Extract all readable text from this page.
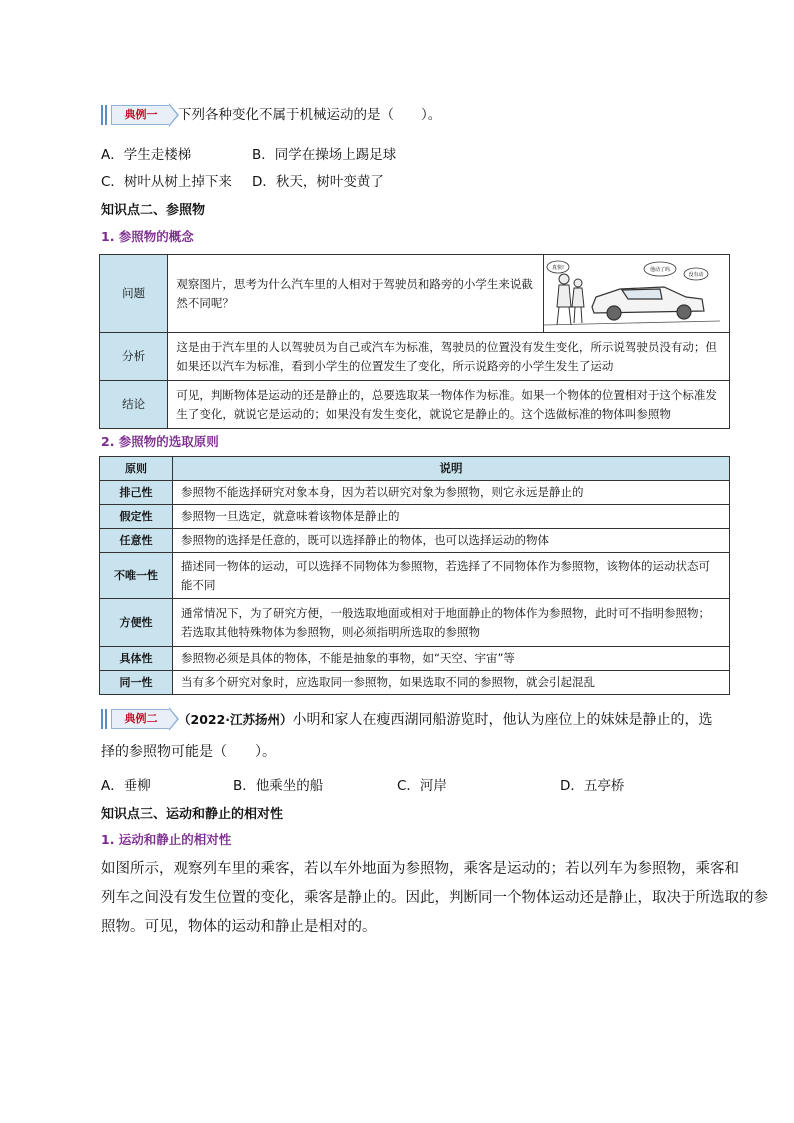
典例一	下列各种变化不属于机械运动的是（　　）。
A．学生走楼梯	B．同学在操场上踢足球
C．树叶从树上掉下来 D．秋天，树叶变黄了
知识点二、参照物
1. 参照物的概念
问题	观察图片，思考为什么汽车里的人相对于驾驶员和路旁的小学生来说截然不同呢？	真快! 他动了吗
没有动

分析	这是由于汽车里的人以驾驶员为自己或汽车为标准，驾驶员的位置没有发生变化，所示说驾驶员没有动；但如果还以汽车为标准，看到小学生的位置发生了变化，所示说路旁的小学生发生了运动	
结论	可见，判断物体是运动的还是静止的，总要选取某一物体作为标准。如果一个物体的位置相对于这个标准发生了变化，就说它是运动的；如果没有发生变化，就说它是静止的。这个选做标准的物体叫参照物	
2. 参照物的选取原则
原则	说明
排己性	参照物不能选择研究对象本身，因为若以研究对象为参照物，则它永远是静止的
假定性	参照物一旦选定，就意味着该物体是静止的
任意性	参照物的选择是任意的，既可以选择静止的物体，也可以选择运动的物体
不唯一性	描述同一物体的运动，可以选择不同物体为参照物，若选择了不同物体作为参照物，该物体的运动状态可能不同
方便性	通常情况下，为了研究方便，一般选取地面或相对于地面静止的物体作为参照物，此时可不指明参照物；若选取其他特殊物体为参照物，则必须指明所选取的参照物
具体性	参照物必须是具体的物体，不能是抽象的事物，如“天空、宇宙”等
同一性	当有多个研究对象时，应选取同一参照物，如果选取不同的参照物，就会引起混乱
典例二	（2022·江苏扬州）小明和家人在瘦西湖同船游览时，他认为座位上的妹妹是静止的，选
择的参照物可能是（　　）。
A．垂柳	B．他乘坐的船	C．河岸	D．五亭桥
知识点三、运动和静止的相对性
1. 运动和静止的相对性
如图所示，观察列车里的乘客，若以车外地面为参照物，乘客是运动的；若以列车为参照物，乘客和
列车之间没有发生位置的变化，乘客是静止的。因此，判断同一个物体运动还是静止，取决于所选取的参
照物。可见，物体的运动和静止是相对的。
